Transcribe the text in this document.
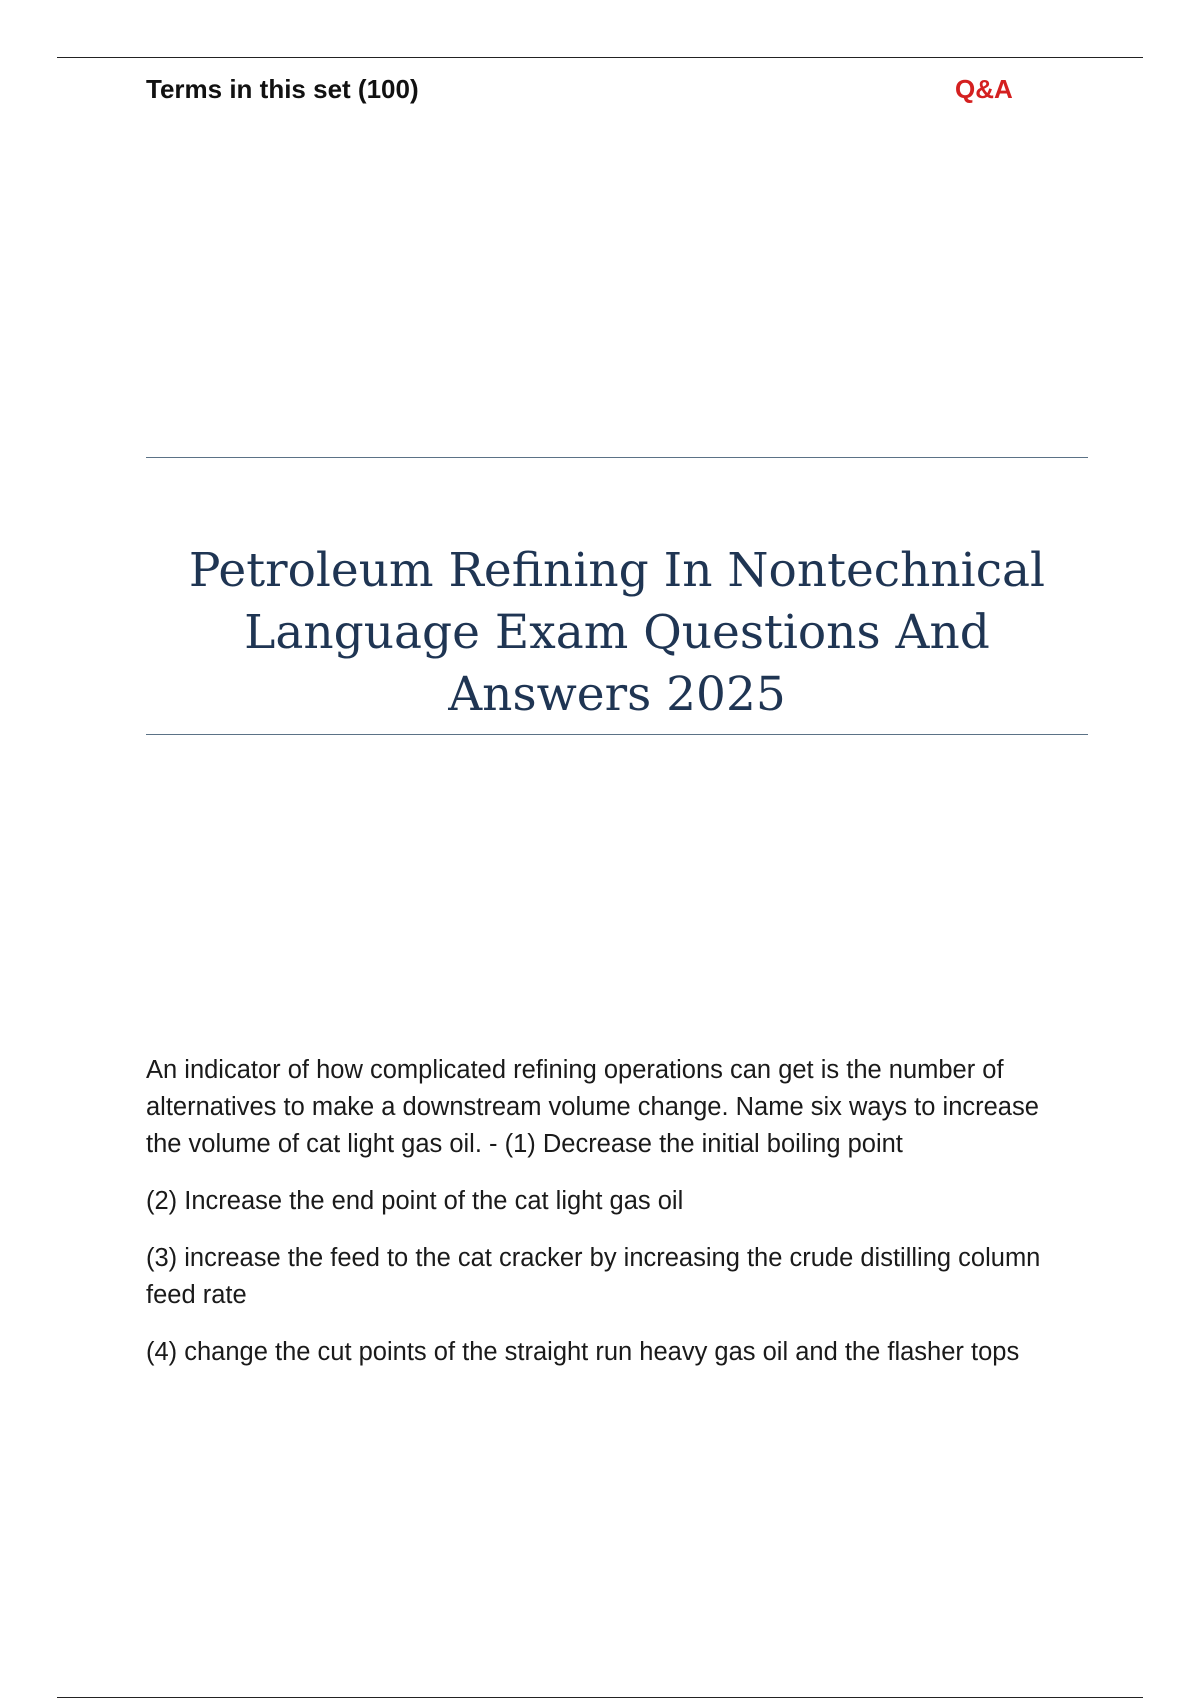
Terms in this set (100)	Q&A
Petroleum Refining In Nontechnical Language Exam Questions And Answers 2025

An indicator of how complicated refining operations can get is the number of alternatives to make a downstream volume change. Name six ways to increase the volume of cat light gas oil. - (1) Decrease the initial boiling point

(2) Increase the end point of the cat light gas oil

(3) increase the feed to the cat cracker by increasing the crude distilling column feed rate

(4) change the cut points of the straight run heavy gas oil and the flasher tops
